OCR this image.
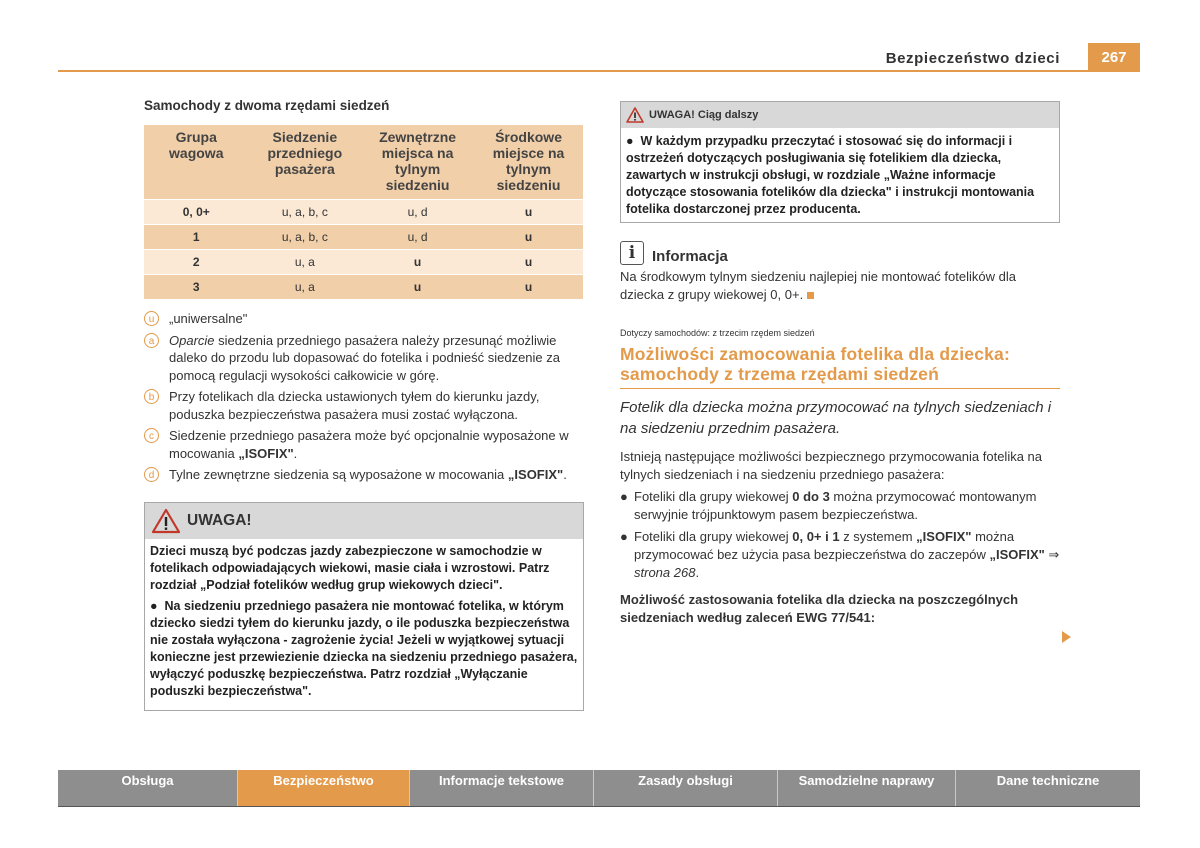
Bezpieczeństwo dzieci	267
Samochody z dwoma rzędami siedzeń
Grupa wagowa	Siedzenie przedniego pasażera	Zewnętrzne miejsca na tylnym siedzeniu	Środkowe miejsce na tylnym siedzeniu
0, 0+	u, a, b, c	u, d	u
1	u, a, b, c	u, d	u
2	u, a	u	u
3	u, a	u	u
u	„uniwersalne"
a	Oparcie siedzenia przedniego pasażera należy przesunąć możliwie daleko do przodu lub dopasować do fotelika i podnieść siedzenie za pomocą regulacji wysokości całkowicie w górę.
b	Przy fotelikach dla dziecka ustawionych tyłem do kierunku jazdy, poduszka bezpieczeństwa pasażera musi zostać wyłączona.
c	Siedzenie przedniego pasażera może być opcjonalnie wyposażone w mocowania „ISOFIX".
d	Tylne zewnętrzne siedzenia są wyposażone w mocowania „ISOFIX".
UWAGA!

Dzieci muszą być podczas jazdy zabezpieczone w samochodzie w fotelikach odpowiadających wiekowi, masie ciała i wzrostowi. Patrz rozdział „Podział fotelików według grup wiekowych dzieci".

●  Na siedzeniu przedniego pasażera nie montować fotelika, w którym dziecko siedzi tyłem do kierunku jazdy, o ile poduszka bezpieczeństwa nie została wyłączona - zagrożenie życia! Jeżeli w wyjątkowej sytuacji konieczne jest przewiezienie dziecka na siedzeniu przedniego pasażera, wyłączyć poduszkę bezpieczeństwa. Patrz rozdział „Wyłączanie poduszki bezpieczeństwa".

UWAGA! Ciąg dalszy
●  W każdym przypadku przeczytać i stosować się do informacji i ostrzeżeń dotyczących posługiwania się fotelikiem dla dziecka, zawartych w instrukcji obsługi, w rozdziale „Ważne informacje dotyczące stosowania fotelików dla dziecka" i instrukcji montowania fotelika dostarczonej przez producenta.
i	Informacja
Na środkowym tylnym siedzeniu najlepiej nie montować fotelików dla dziecka z grupy wiekowej 0, 0+.
Dotyczy samochodów: z trzecim rzędem siedzeń
Możliwości zamocowania fotelika dla dziecka: samochody z trzema rzędami siedzeń
Fotelik dla dziecka można przymocować na tylnych siedzeniach i na siedzeniu przednim pasażera.
Istnieją następujące możliwości bezpiecznego przymocowania fotelika na tylnych siedzeniach i na siedzeniu przedniego pasażera:
● Foteliki dla grupy wiekowej 0 do 3 można przymocować montowanym serwyjnie trójpunktowym pasem bezpieczeństwa.
● Foteliki dla grupy wiekowej 0, 0+ i 1 z systemem „ISOFIX" można przymocować bez użycia pasa bezpieczeństwa do zaczepów „ISOFIX" ⇒ strona 268.
Możliwość zastosowania fotelika dla dziecka na poszczególnych siedzeniach według zaleceń EWG 77/541:
Obsługa	Bezpieczeństwo	Informacje tekstowe	Zasady obsługi	Samodzielne naprawy	Dane techniczne
